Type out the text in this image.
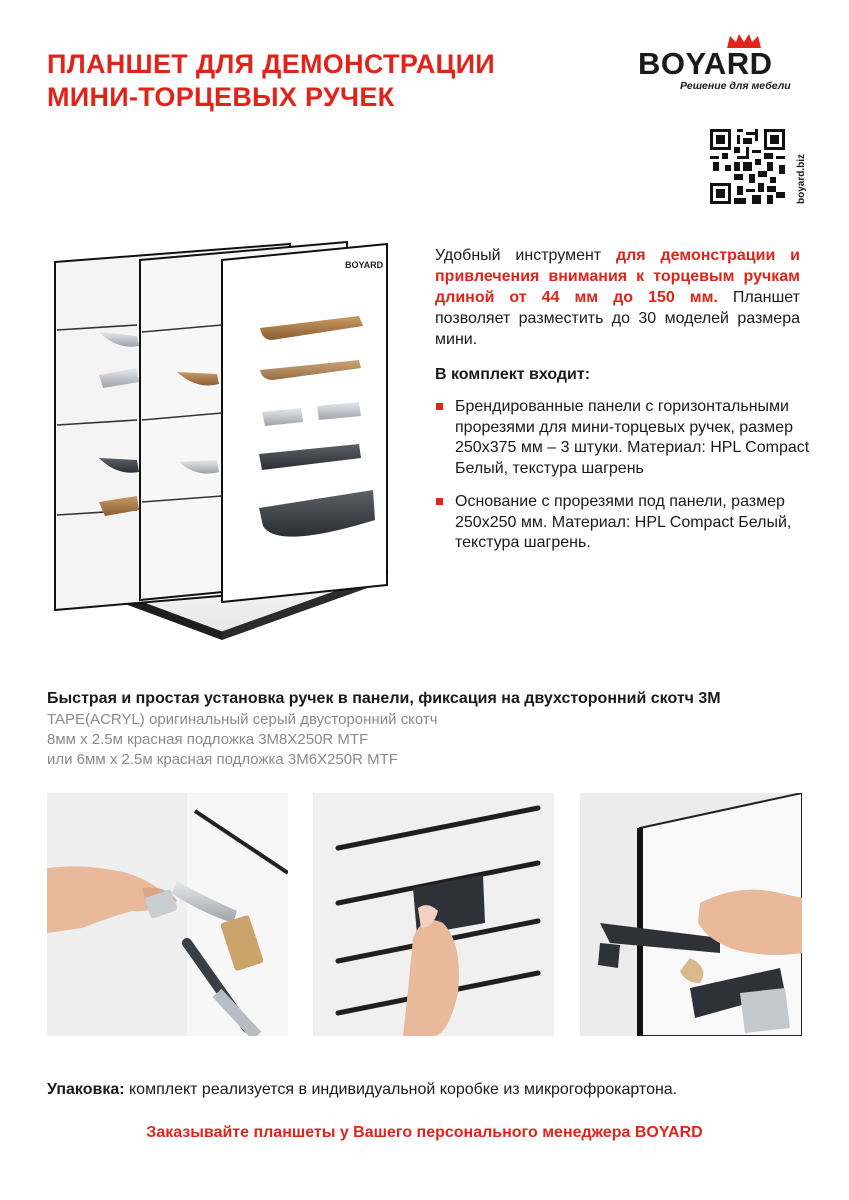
ПЛАНШЕТ ДЛЯ ДЕМОНСТРАЦИИ
МИНИ-ТОРЦЕВЫХ РУЧЕК
BOYARD
Решение для мебели
boyard.biz
BOYARD
Удобный инструмент для демонстрации и привлечения внимания к торцевым ручкам длиной от 44 мм до 150 мм. Планшет позволяет разместить до 30 моделей размера мини.
В комплект входит:
Брендированные панели с горизонтальными прорезями для мини-торцевых ручек, размер 250х375 мм – 3 штуки. Материал: HPL Compact Белый, текстура шагрень
Основание с прорезями под панели, размер 250х250 мм. Материал: HPL Compact Белый, текстура шагрень.
Быстрая и простая установка ручек в панели, фиксация на двухсторонний скотч 3М
TAPE(ACRYL) оригинальный серый двусторонний скотч
8мм х 2.5м красная подложка 3M8X250R MTF
или 6мм х 2.5м красная подложка 3M6X250R MTF
Упаковка: комплект реализуется в индивидуальной коробке из микрогофрокартона.
Заказывайте планшеты у Вашего персонального менеджера BOYARD
